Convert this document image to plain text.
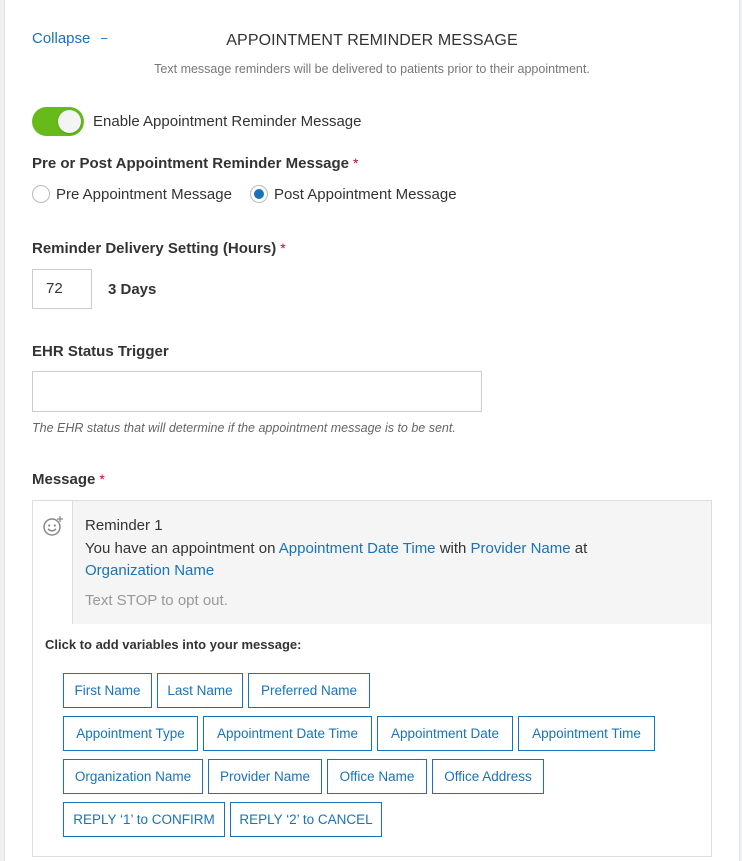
Collapse −	APPOINTMENT REMINDER MESSAGE
Text message reminders will be delivered to patients prior to their appointment.
Enable Appointment Reminder Message
Pre or Post Appointment Reminder Message *
Pre Appointment Message	Post Appointment Message
Reminder Delivery Setting (Hours) *
72	3 Days
EHR Status Trigger
The EHR status that will determine if the appointment message is to be sent.
Message *
Reminder 1
You have an appointment on Appointment Date Time with Provider Name at
Organization Name
Text STOP to opt out.
Click to add variables into your message:
First Name	Last Name	Preferred Name
Appointment Type	Appointment Date Time	Appointment Date	Appointment Time
Organization Name	Provider Name	Office Name	Office Address
REPLY ‘1’ to CONFIRM	REPLY ‘2’ to CANCEL
